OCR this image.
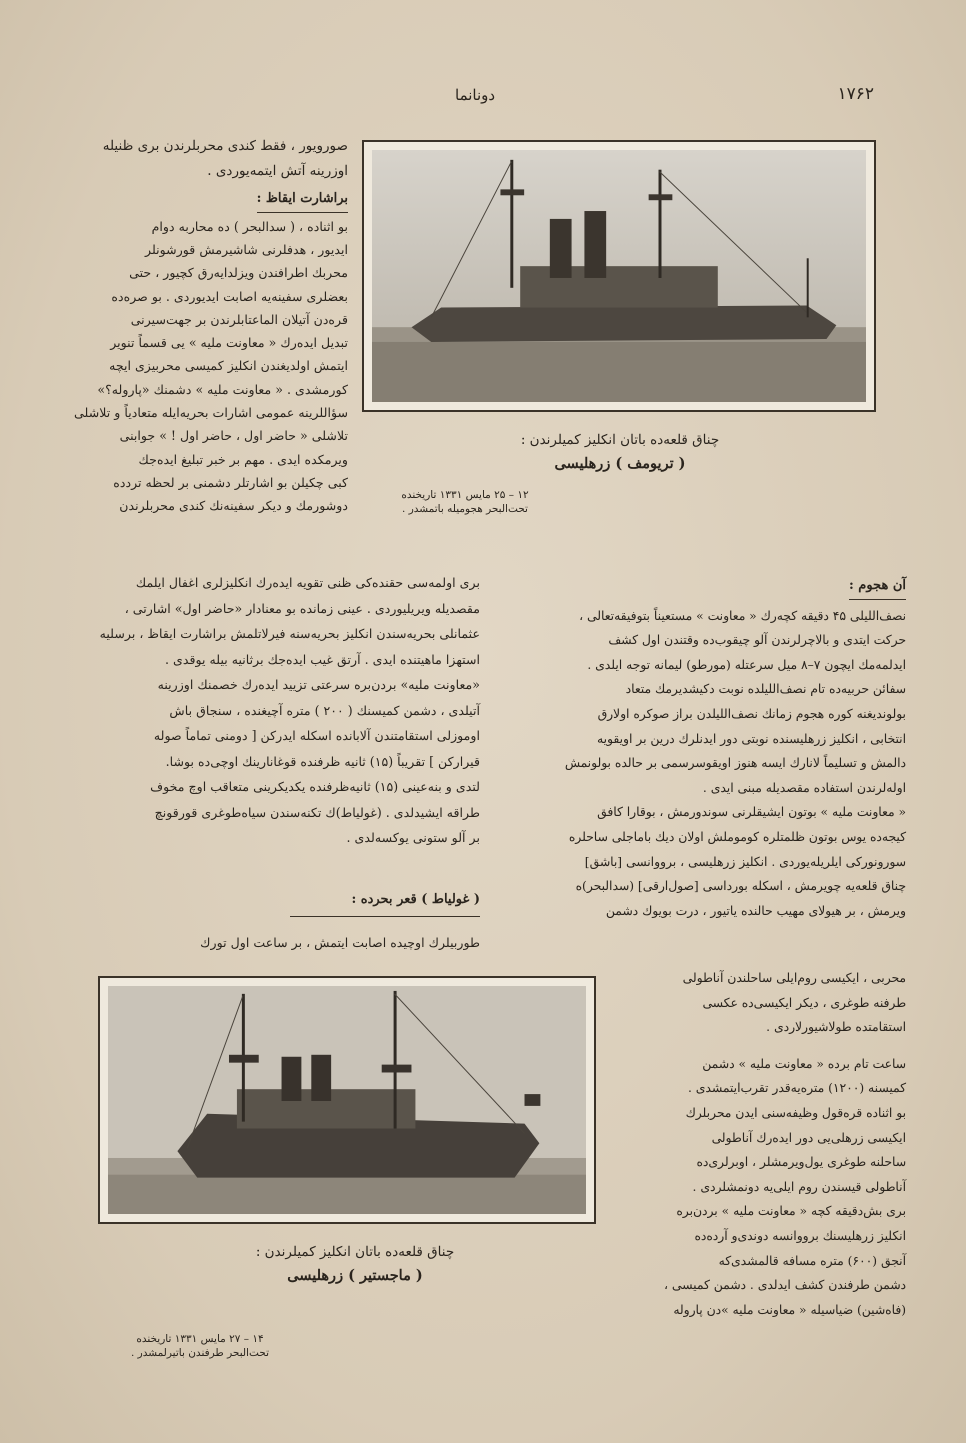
۱۷۶۲
دونانما
چناق قلعه‌ده باتان انكليز كمیلرندن :
( تریومف ) زرهلیسی
۱۲ – ۲۵ مایس ۱۳۳۱ تاریخنده
تحت‌البحر هجومیله باتمشدر .

صورویور ، فقط كندی محربلرندن بری ظنیله
اوزرینه آتش ایتمه‌یوردی .

براشارت ایقاظ :

بو اثناده ، ( سدالبحر ) ده محاربه دوام
ایدیور ، هدفلرنی شاشیرمش قورشونلر
محربك اطرافندن ویزلدایه‌رق كچیور ، حتی
بعضلری سفینه‌یه اصابت ایدیوردی . بو صره‌ده
قره‌دن آتیلان الماعتابلرندن بر جهت‌سیرنی
تبدیل ایده‌رك « معاونت ملیه » یی قسماً تنویر
ایتمش اولدیغندن انكلیز كمیسی محربیزی ایچه
كورمشدی . « معاونت ملیه » دشمنك «پاروله؟»
سؤاللرینه عمومی اشارات بحریه‌ایله متعادیاً و تلاشلی
تلاشلی « حاضر اول ، حاضر اول ! » جوابنی
ویرمكده ایدی . مهم بر خبر تبلیغ ایده‌جك
كبی چكیلن بو اشارتلر دشمنی بر لحظه تردده
دوشورمك و دیكر سفینه‌نك كندی محربلرندن

بری اولمه‌سی حقنده‌كی ظنی تقویه ایده‌رك انكلیزلری اغفال ایلمك
مقصدیله ویریلیوردی . عینی زمانده بو معنادار «حاضر اول» اشارتی ،
عثمانلی بحریه‌سندن انكلیز بحریه‌سنه فیرلاتلمش براشارت ایقاظ ، برسلیه
استهزا ماهیتنده ایدی . آرتق غیب ایده‌جك برثانیه بیله یوقدی .
«معاونت ملیه» بردن‌بره سرعتی تزیید ایده‌رك خصمنك اوزرینه
آتیلدی ، دشمن كمیسنك ( ۲۰۰ ) متره آچیغنده ، سنجاق باش
اوموزلی استقامتندن آلابانده اسكله ایدركن [ دومنی تماماً صوله
قیراركن ] تقریباً (۱۵) ثانیه ظرفنده قوغانارینك اوچی‌ده بوشا.
لتدی و بنه‌عینی (۱۵) ثانیه‌ظرفنده یكدیكرینی متعاقب اوچ مخوف
طراقه ایشیدلدی . (غولیاط)ك تكنه‌سندن سیاه‌طوغری قورقونچ
بر آلو ستونی یوكسه‌لدی .

( غولیاط ) قعر بحرده :

طوربیلرك اوچیده اصابت ایتمش ، بر ساعت اول تورك

آن هجوم :

نصف‌اللیلی ۴۵ دقیقه كچه‌رك « معاونت » مستعیناً بتوفیقه‌تعالی ،
حركت ایتدی و بالاچرلرندن آلو چیقوب‌ده وقتندن اول كشف
ایدلمه‌مك ایچون ۷–۸ میل سرعتله (مورطو) لیمانه توجه ایلدی .
سفائن حربیه‌ده تام نصف‌اللیلده نوبت دكیشدیرمك متعاد
بولوندیغنه كوره هجوم زمانك نصف‌اللیلدن براز صوكره اولارق
انتخابی ، انكلیز زرهلیسنده نوبتی دور ایدنلرك درین بر اویقویه
دالمش و تسلیماً لانارك ایسه هنوز اویقوسرسمی بر حالده بولونمش
اوله‌لرندن استفاده مقصدیله مبنی ایدی .
« معاونت ملیه » بوتون ایشیقلرنی سوندورمش ، بوقارا كافق
كیجه‌ده یوس بوتون ظلمتلره كوموملش اولان دیك باماجلی ساحلره
سورونوركی ایلریله‌یوردی . انكلیز زرهلیسی ، برووانسی [باشق]
چناق قلعه‌یه چویرمش ، اسكله بورداسی [صول‌ارقی] (سدالبحر)ه
ویرمش ، بر هیولای مهیب حالنده یاتیور ، درت بویوك دشمن

محربی ، ایكیسی روم‌ایلی ساحلندن آناطولی
طرفنه طوغری ، دیكر ایكیسی‌ده عكسی
استقامتده طولاشیورلاردی .

ساعت تام برده « معاونت ملیه » دشمن
كمیسنه (۱۲۰۰) متره‌یه‌قدر تقرب‌ایتمشدی .
بو اثناده قره‌قول وظیفه‌سنی ایدن محربلرك
ایكیسی زرهلی‌یی دور ایده‌رك آناطولی
ساحلنه طوغری یول‌ویرمشلر ، اوبرلری‌ده
آناطولی قیسندن روم ایلی‌یه دونمشلردی .
بری بش‌دقیقه كچه « معاونت ملیه » بردن‌بره
انكلیز زرهلیسنك برووانسه دوندی‌و آرده‌ده
آنجق (۶۰۰) متره مسافه قالمشدی‌كه
دشمن طرفندن كشف ایدلدی . دشمن كمیسی ،
(فاه‌شین) ضیاسیله « معاونت ملیه »‌دن پاروله

چناق قلعه‌ده باتان انكليز كمیلرندن :
( ماجستیر ) زرهلیسی
۱۴ – ۲۷ مایس ۱۳۳۱ تاریخنده
تحت‌البحر طرفندن باتیرلمشدر .
